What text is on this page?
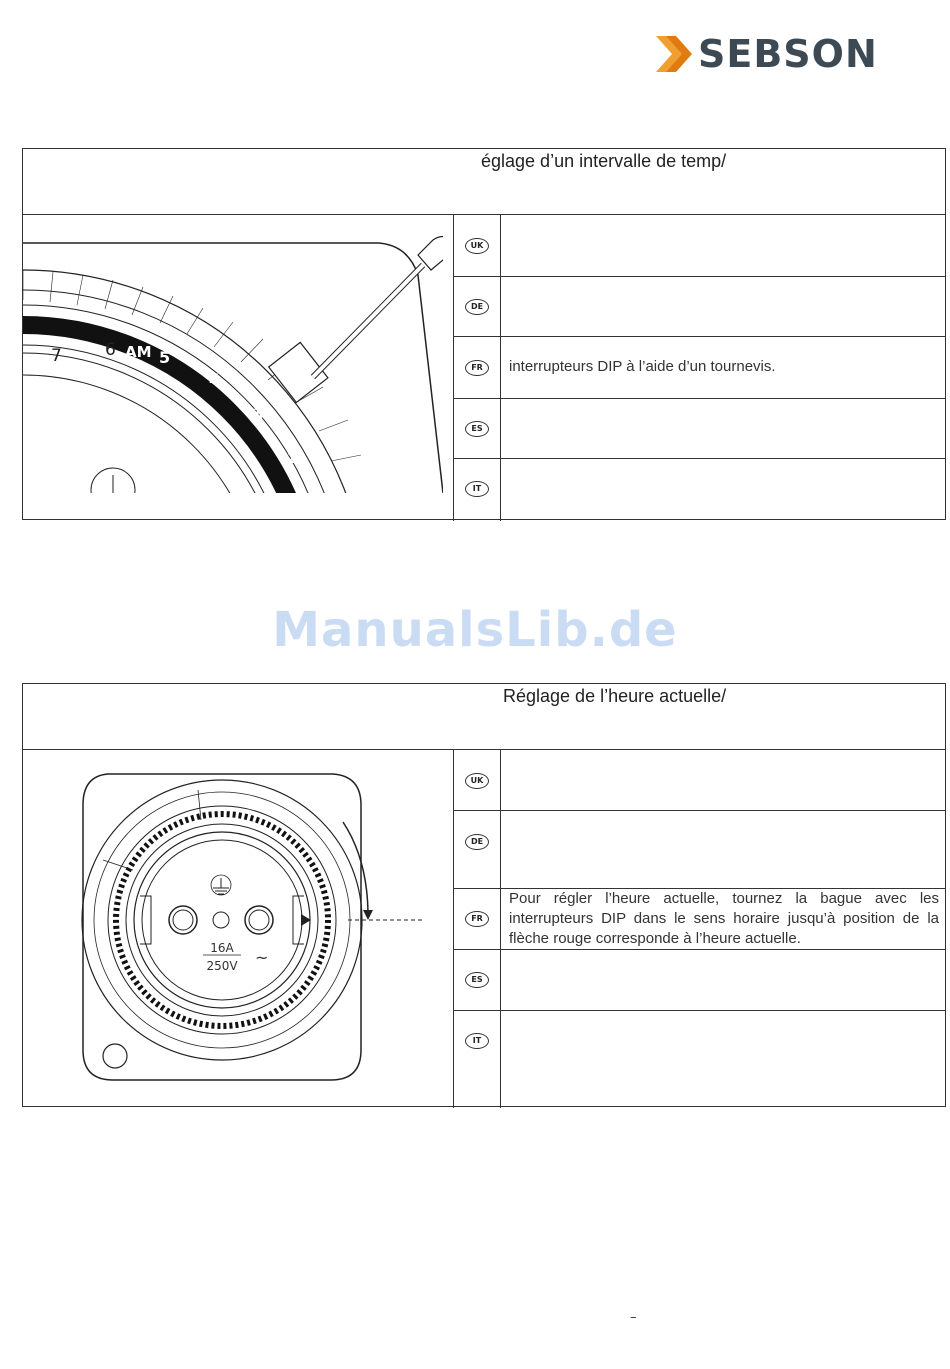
SEBSON
églage d’un intervalle de temp/
7	6 AM 5
4
3
2
UK
DE
FR	interrupteurs DIP à l’aide d’un tournevis.
ES
IT
ManualsLib.de
Réglage de l’heure actuelle/
16A
250V ~
UK
DE
FR
Pour régler l’heure actuelle, tournez la bague avec les interrupteurs DIP dans le sens horaire jusqu’à position de la flèche rouge corresponde à l’heure actuelle.
ES
IT
–
